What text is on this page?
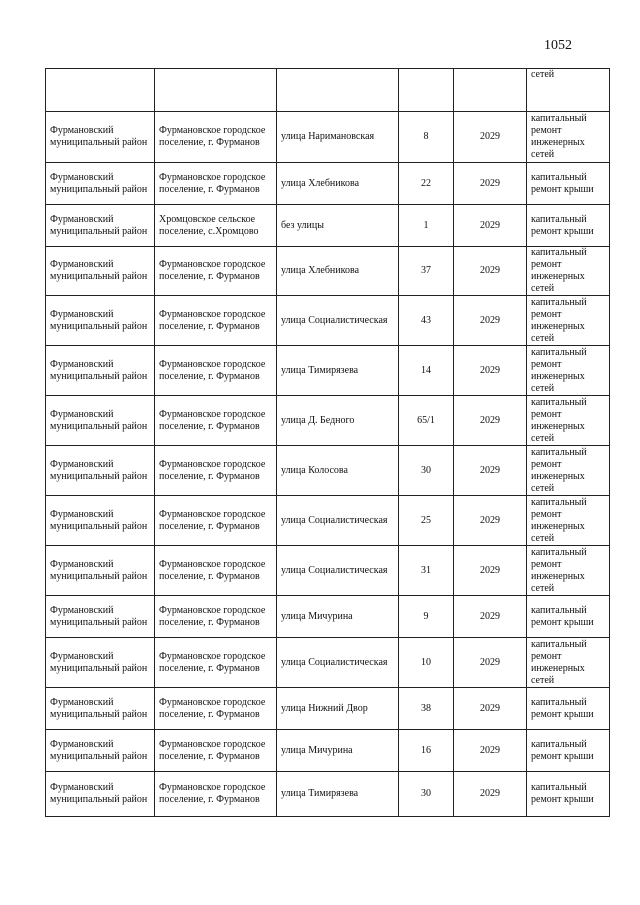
1052
					сетей
Фурмановский муниципальный район	Фурмановское городское поселение, г. Фурманов	улица Наримановская	8	2029	капитальный ремонт инженерных сетей
Фурмановский муниципальный район	Фурмановское городское поселение, г. Фурманов	улица Хлебникова	22	2029	капитальный ремонт крыши
Фурмановский муниципальный район	Хромцовское сельское поселение, с.Хромцово	без улицы	1	2029	капитальный ремонт крыши
Фурмановский муниципальный район	Фурмановское городское поселение, г. Фурманов	улица Хлебникова	37	2029	капитальный ремонт инженерных сетей
Фурмановский муниципальный район	Фурмановское городское поселение, г. Фурманов	улица Социалистическая	43	2029	капитальный ремонт инженерных сетей
Фурмановский муниципальный район	Фурмановское городское поселение, г. Фурманов	улица Тимирязева	14	2029	капитальный ремонт инженерных сетей
Фурмановский муниципальный район	Фурмановское городское поселение, г. Фурманов	улица Д. Бедного	65/1	2029	капитальный ремонт инженерных сетей
Фурмановский муниципальный район	Фурмановское городское поселение, г. Фурманов	улица Колосова	30	2029	капитальный ремонт инженерных сетей
Фурмановский муниципальный район	Фурмановское городское поселение, г. Фурманов	улица Социалистическая	25	2029	капитальный ремонт инженерных сетей
Фурмановский муниципальный район	Фурмановское городское поселение, г. Фурманов	улица Социалистическая	31	2029	капитальный ремонт инженерных сетей
Фурмановский муниципальный район	Фурмановское городское поселение, г. Фурманов	улица Мичурина	9	2029	капитальный ремонт крыши
Фурмановский муниципальный район	Фурмановское городское поселение, г. Фурманов	улица Социалистическая	10	2029	капитальный ремонт инженерных сетей
Фурмановский муниципальный район	Фурмановское городское поселение, г. Фурманов	улица Нижний Двор	38	2029	капитальный ремонт крыши
Фурмановский муниципальный район	Фурмановское городское поселение, г. Фурманов	улица Мичурина	16	2029	капитальный ремонт крыши
Фурмановский муниципальный район	Фурмановское городское поселение, г. Фурманов	улица Тимирязева	30	2029	капитальный ремонт крыши
